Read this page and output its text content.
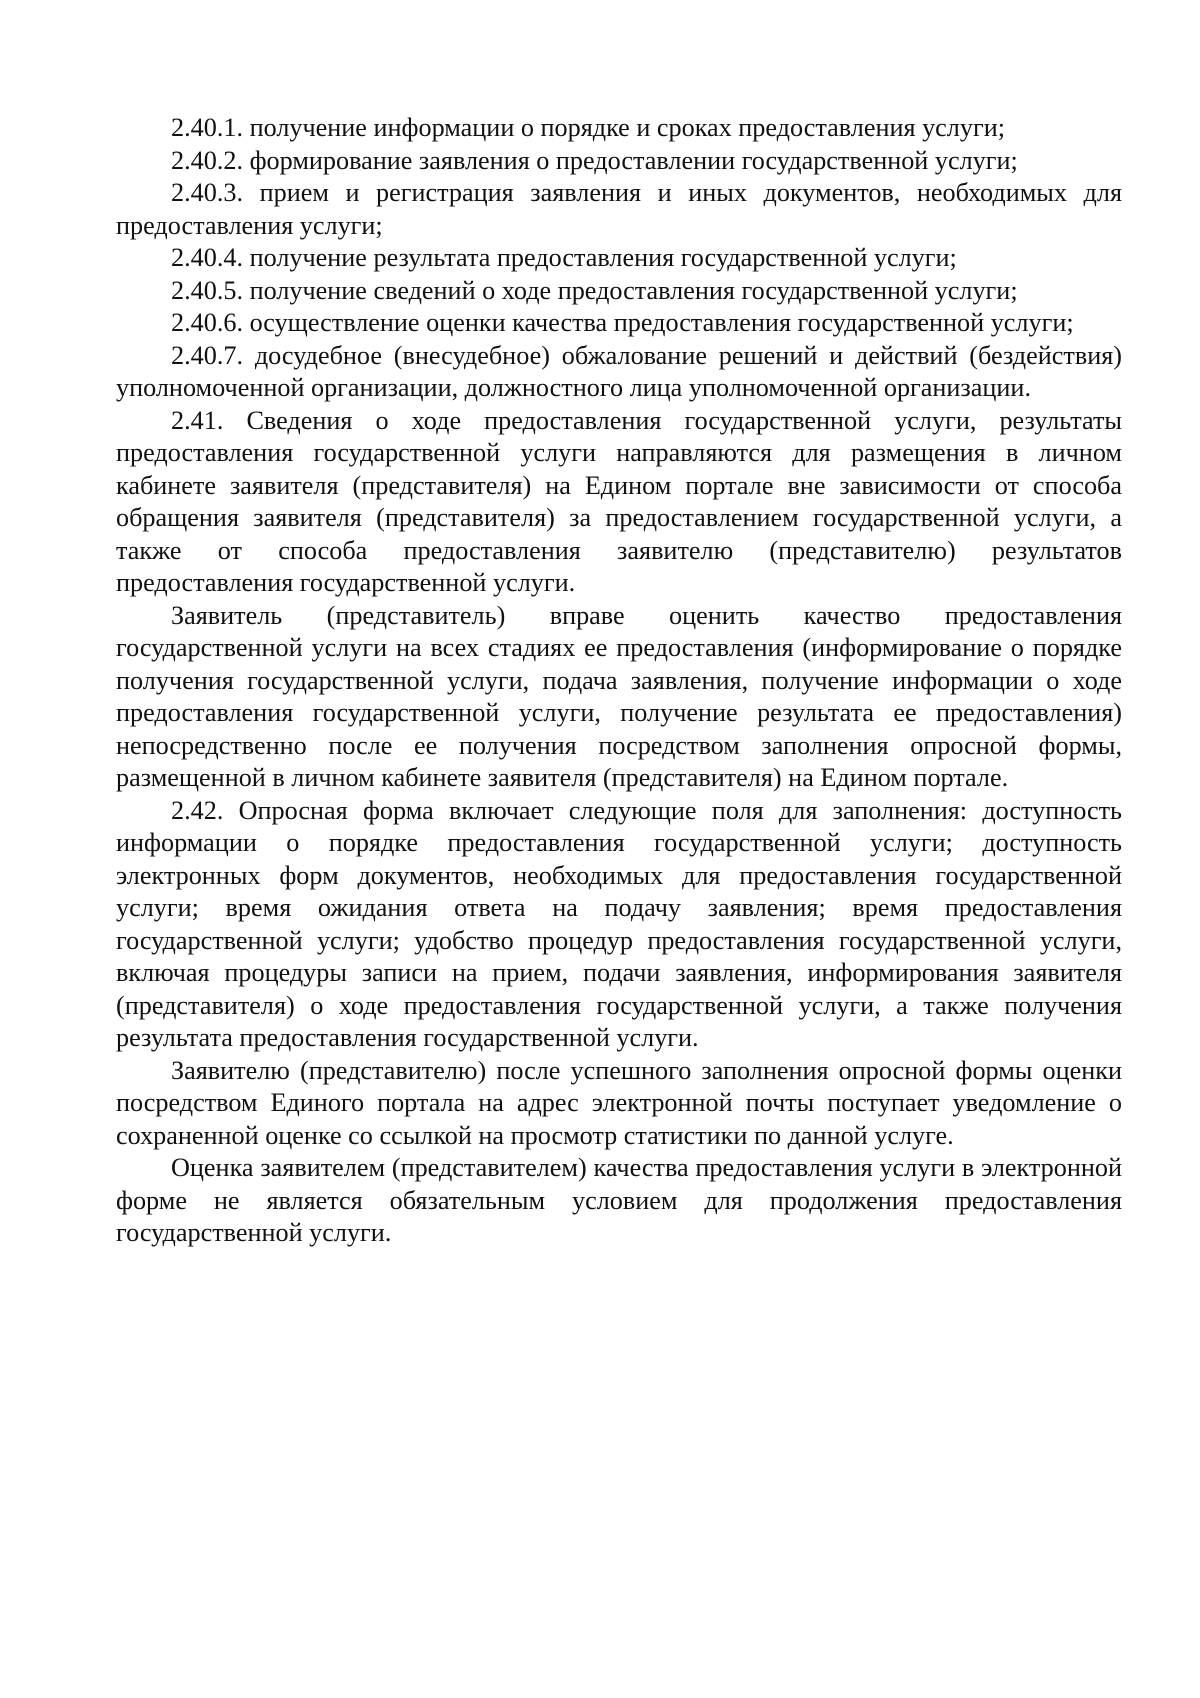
2.40.1. получение информации о порядке и сроках предоставления услуги;

2.40.2. формирование заявления о предоставлении государственной услуги;

2.40.3. прием и регистрация заявления и иных документов, необходимых для предоставления услуги;

2.40.4. получение результата предоставления государственной услуги;

2.40.5. получение сведений о ходе предоставления государственной услуги;

2.40.6. осуществление оценки качества предоставления государственной услуги;

2.40.7. досудебное (внесудебное) обжалование решений и действий (бездействия) уполномоченной организации, должностного лица уполномоченной организации.

2.41. Сведения о ходе предоставления государственной услуги, результаты предоставления государственной услуги направляются для размещения в личном кабинете заявителя (представителя) на Едином портале вне зависимости от способа обращения заявителя (представителя) за предоставлением государственной услуги, а также от способа предоставления заявителю (представителю) результатов предоставления государственной услуги.

Заявитель (представитель) вправе оценить качество предоставления государственной услуги на всех стадиях ее предоставления (информирование о порядке получения государственной услуги, подача заявления, получение информации о ходе предоставления государственной услуги, получение результата ее предоставления) непосредственно после ее получения посредством заполнения опросной формы, размещенной в личном кабинете заявителя (представителя) на Едином портале.

2.42. Опросная форма включает следующие поля для заполнения: доступность информации о порядке предоставления государственной услуги; доступность электронных форм документов, необходимых для предоставления государственной услуги; время ожидания ответа на подачу заявления; время предоставления государственной услуги; удобство процедур предоставления государственной услуги, включая процедуры записи на прием, подачи заявления, информирования заявителя (представителя) о ходе предоставления государственной услуги, а также получения результата предоставления государственной услуги.

Заявителю (представителю) после успешного заполнения опросной формы оценки посредством Единого портала на адрес электронной почты поступает уведомление о сохраненной оценке со ссылкой на просмотр статистики по данной услуге.

Оценка заявителем (представителем) качества предоставления услуги в электронной форме не является обязательным условием для продолжения предоставления государственной услуги.
